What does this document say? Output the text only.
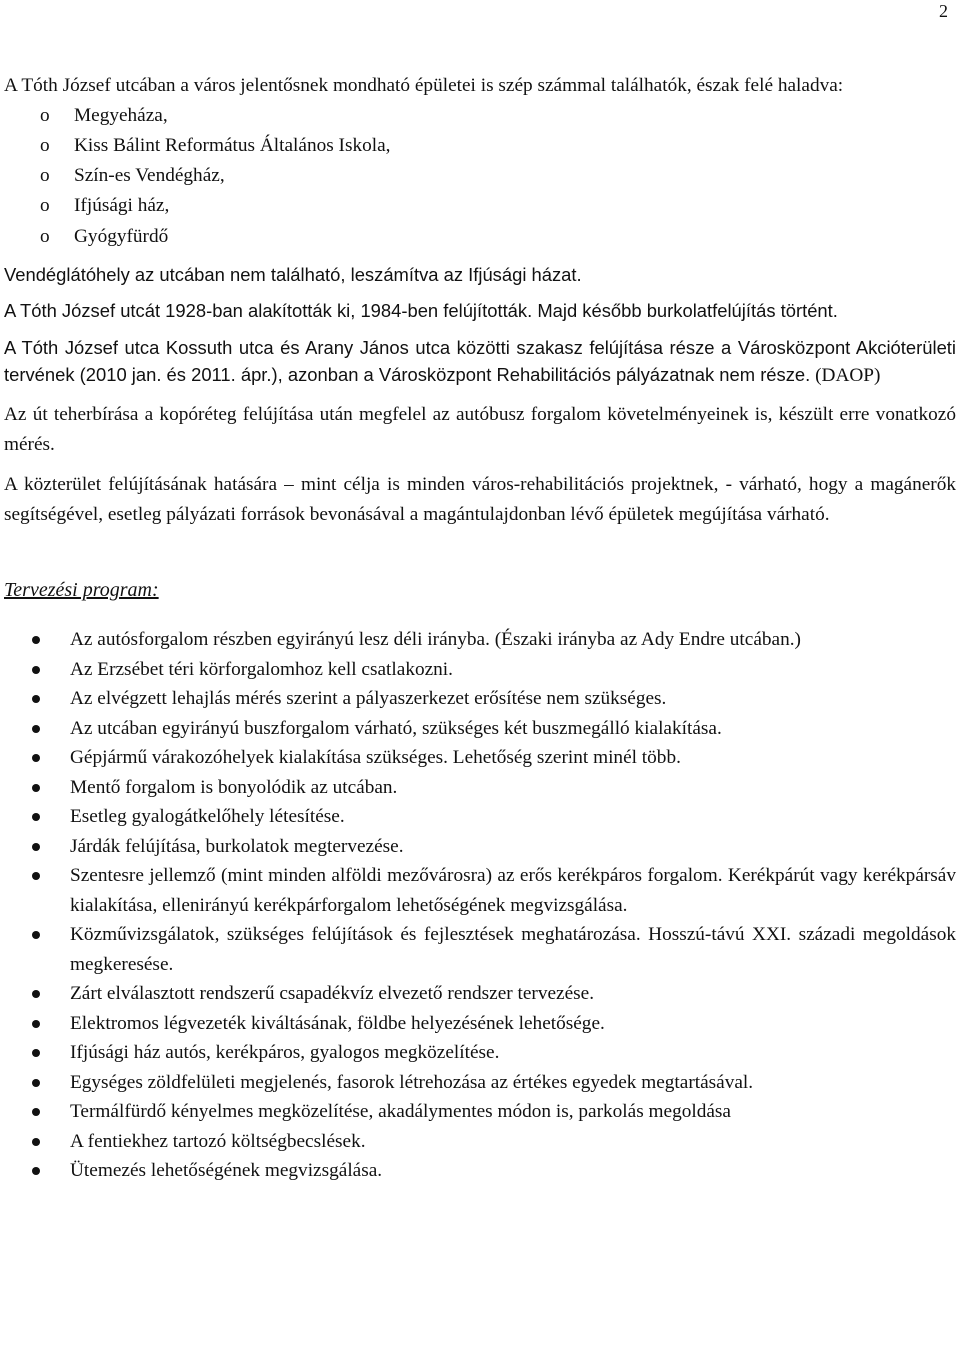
2

A Tóth József utcában a város jelentősnek mondható épületei is szép számmal találhatók, észak felé haladva:

o	Megyeháza,
o	Kiss Bálint Református Általános Iskola,
o	Szín-es Vendégház,
o	Ifjúsági ház,
o	Gyógyfürdő

Vendéglátóhely az utcában nem található, leszámítva az Ifjúsági házat.

A Tóth József utcát 1928-ban alakították ki, 1984-ben felújították. Majd később burkolatfelújítás történt.

A Tóth József utca Kossuth utca és Arany János utca közötti szakasz felújítása része a Városközpont Akcióterületi tervének (2010 jan. és 2011. ápr.), azonban a Városközpont Rehabilitációs pályázatnak nem része. (DAOP)

Az út teherbírása a kopóréteg felújítása után megfelel az autóbusz forgalom követelményeinek is, készült erre vonatkozó mérés.

A közterület felújításának hatására – mint célja is minden város-rehabilitációs projektnek, - várható, hogy a magánerők segítségével, esetleg pályázati források bevonásával a magántulajdonban lévő épületek megújítása várható.

Tervezési program:

Az autósforgalom részben egyirányú lesz déli irányba. (Északi irányba az Ady Endre utcában.)
Az Erzsébet téri körforgalomhoz kell csatlakozni.
Az elvégzett lehajlás mérés szerint a pályaszerkezet erősítése nem szükséges.
Az utcában egyirányú buszforgalom várható, szükséges két buszmegálló kialakítása.
Gépjármű várakozóhelyek kialakítása szükséges. Lehetőség szerint minél több.
Mentő forgalom is bonyolódik az utcában.
Esetleg gyalogátkelőhely létesítése.
Járdák felújítása, burkolatok megtervezése.
Szentesre jellemző (mint minden alföldi mezővárosra) az erős kerékpáros forgalom. Kerékpárút vagy kerékpársáv kialakítása, ellenirányú kerékpárforgalom lehetőségének megvizsgálása.
Közművizsgálatok, szükséges felújítások és fejlesztések meghatározása. Hosszú-távú XXI. századi megoldások megkeresése.
Zárt elválasztott rendszerű csapadékvíz elvezető rendszer tervezése.
Elektromos légvezeték kiváltásának, földbe helyezésének lehetősége.
Ifjúsági ház autós, kerékpáros, gyalogos megközelítése.
Egységes zöldfelületi megjelenés, fasorok létrehozása az értékes egyedek megtartásával.
Termálfürdő kényelmes megközelítése, akadálymentes módon is, parkolás megoldása
A fentiekhez tartozó költségbecslések.
Ütemezés lehetőségének megvizsgálása.
